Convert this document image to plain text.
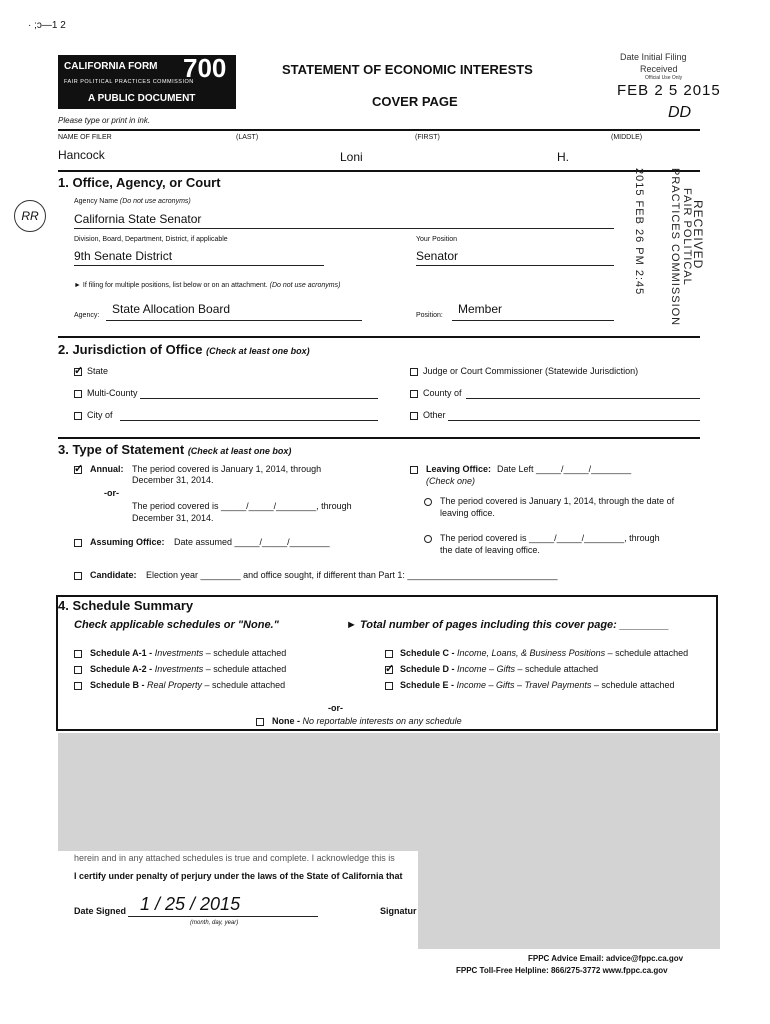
· ;ᴐ—1 2
CALIFORNIA FORM 700
FAIR POLITICAL PRACTICES COMMISSION
A PUBLIC DOCUMENT
STATEMENT OF ECONOMIC INTERESTS
COVER PAGE
Please type or print in ink.
Date Initial Filing
Received
Official Use Only
FEB 2 5 2015
DD
NAME OF FILER	(LAST)	(FIRST)	(MIDDLE)
Hancock	Loni	H.
RR
1. Office, Agency, or Court
Agency Name (Do not use acronyms)
California State Senator
Division, Board, Department, District, if applicable
9th Senate District
Your Position
Senator
► If filing for multiple positions, list below or on an attachment. (Do not use acronyms)
Agency: State Allocation Board	Position: Member
2015 FEB 26 PM 2:45	RECEIVED
FAIR POLITICAL
PRACTICES COMMISSION
2. Jurisdiction of Office (Check at least one box)
✓
State	Judge or Court Commissioner (Statewide Jurisdiction)
Multi-County	County of
City of	Other
3. Type of Statement (Check at least one box)
✓
Annual: The period covered is January 1, 2014, through
December 31, 2014.
-or-
The period covered is _____/_____/________, through
December 31, 2014.
Assuming Office: Date assumed _____/_____/________
Leaving Office: Date Left _____/_____/________
(Check one)
The period covered is January 1, 2014, through the date of
leaving office.
The period covered is _____/_____/________, through
the date of leaving office.
Candidate: Election year ________ and office sought, if different than Part 1: ______________________________
4. Schedule Summary
Check applicable schedules or "None."	► Total number of pages including this cover page: ________
Schedule A-1 - Investments – schedule attached
Schedule A-2 - Investments – schedule attached
Schedule B - Real Property – schedule attached
Schedule C - Income, Loans, & Business Positions – schedule attached
✓
Schedule D - Income – Gifts – schedule attached
Schedule E - Income – Gifts – Travel Payments – schedule attached
-or-
None - No reportable interests on any schedule
herein and in any attached schedules is true and complete. I acknowledge this is
I certify under penalty of perjury under the laws of the State of California that
Date Signed 1 / 25 / 2015
(month, day, year)
Signatur
FPPC Advice Email: advice@fppc.ca.gov
FPPC Toll-Free Helpline: 866/275-3772 www.fppc.ca.gov
